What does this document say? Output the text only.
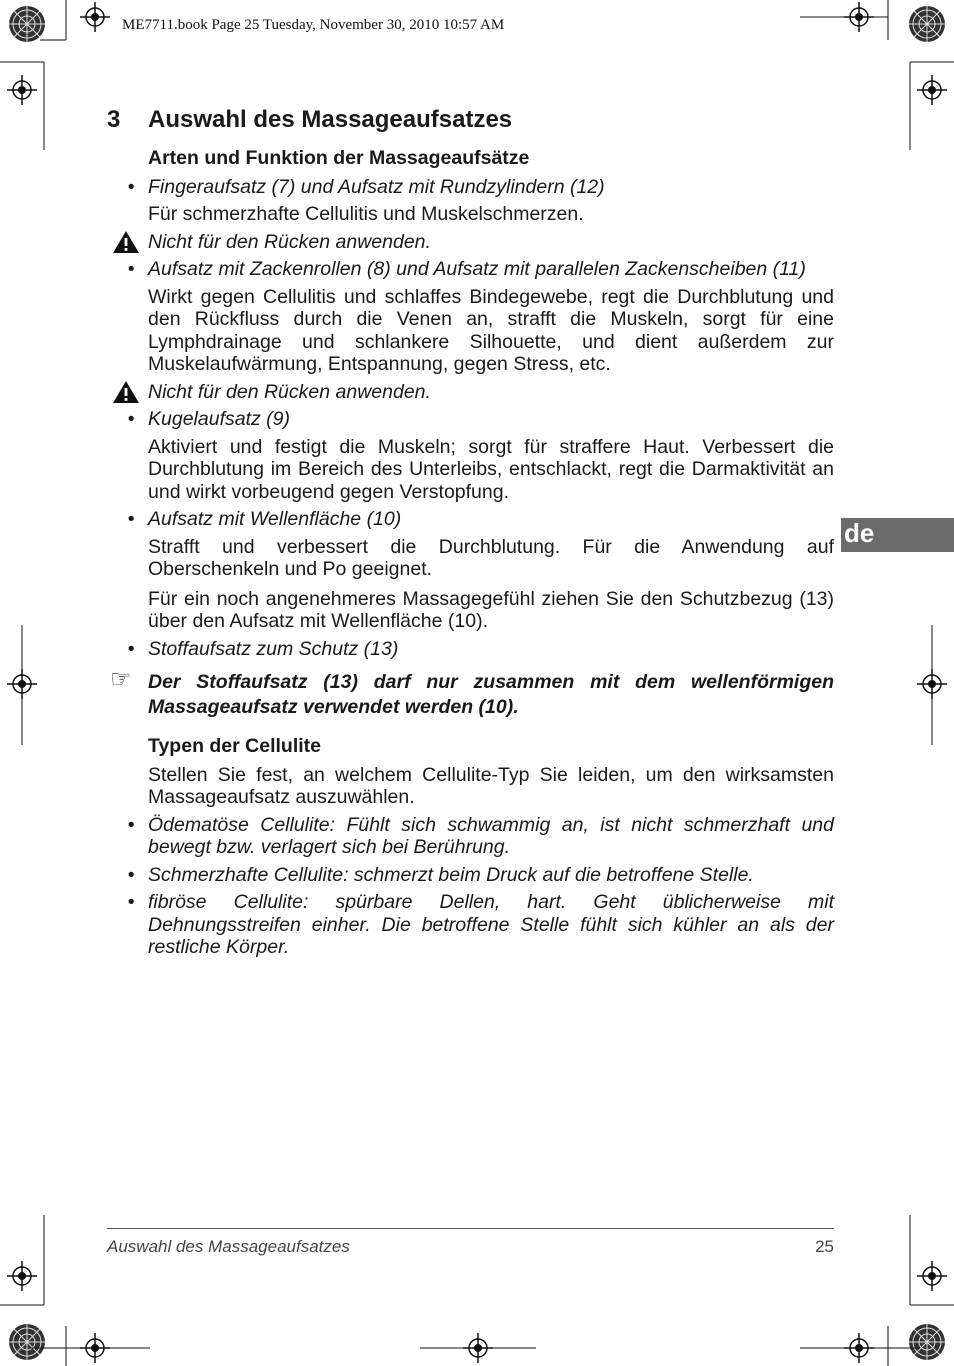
ME7711.book Page 25 Tuesday, November 30, 2010 10:57 AM
3 Auswahl des Massageaufsatzes

Arten und Funktion der Massageaufsätze

• Fingeraufsatz (7) und Aufsatz mit Rundzylindern (12)

Für schmerzhafte Cellulitis und Muskelschmerzen.

Nicht für den Rücken anwenden.

• Aufsatz mit Zackenrollen (8) und Aufsatz mit parallelen Zackenscheiben (11)

Wirkt gegen Cellulitis und schlaffes Bindegewebe, regt die Durchblutung und den Rückfluss durch die Venen an, strafft die Muskeln, sorgt für eine Lymphdrainage und schlankere Silhouette, und dient außerdem zur Muskelaufwärmung, Entspannung, gegen Stress, etc.

Nicht für den Rücken anwenden.

• Kugelaufsatz (9)

Aktiviert und festigt die Muskeln; sorgt für straffere Haut. Verbessert die Durchblutung im Bereich des Unterleibs, entschlackt, regt die Darmaktivität an und wirkt vorbeugend gegen Verstopfung.

• Aufsatz mit Wellenfläche (10)

Strafft und verbessert die Durchblutung. Für die Anwendung auf Oberschenkeln und Po geeignet.

Für ein noch angenehmeres Massagegefühl ziehen Sie den Schutzbezug (13) über den Aufsatz mit Wellenfläche (10).

• Stoffaufsatz zum Schutz (13)

☞ Der Stoffaufsatz (13) darf nur zusammen mit dem wellenförmigen Massageaufsatz verwendet werden (10).

Typen der Cellulite

Stellen Sie fest, an welchem Cellulite-Typ Sie leiden, um den wirksamsten Massageaufsatz auszuwählen.

• Ödematöse Cellulite: Fühlt sich schwammig an, ist nicht schmerzhaft und bewegt bzw. verlagert sich bei Berührung.

• Schmerzhafte Cellulite: schmerzt beim Druck auf die betroffene Stelle.

• fibröse Cellulite: spürbare Dellen, hart. Geht üblicherweise mit Dehnungsstreifen einher. Die betroffene Stelle fühlt sich kühler an als der restliche Körper.

de
Auswahl des Massageaufsatzes	25
